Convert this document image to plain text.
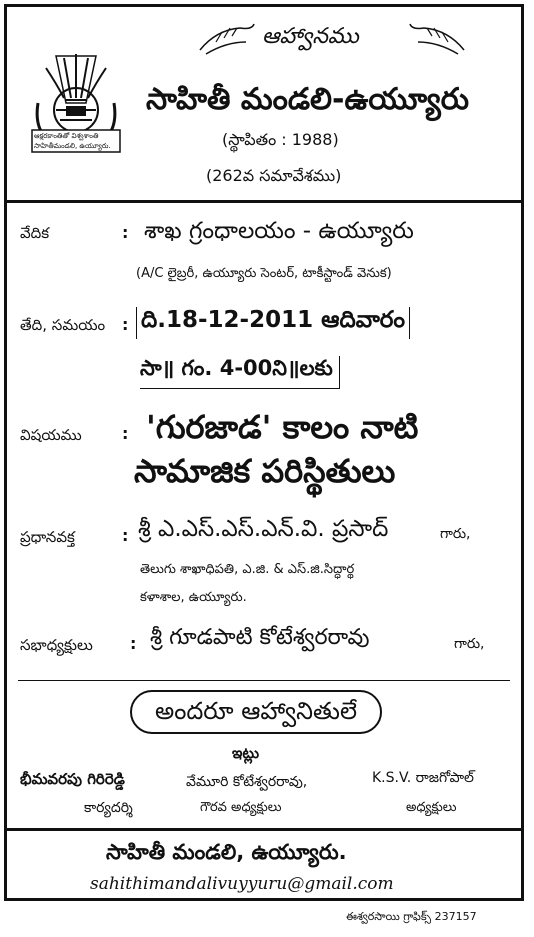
ఆక్షరకాంతితో విశ్వశాంతి
సాహితీమండలి, ఉయ్యూరు.
ఆహ్వానము
సాహితీ మండలి-ఉయ్యూరు
(స్థాపితం : 1988)
(262వ సమావేశము)
వేదిక	: శాఖ గ్రంధాలయం - ఉయ్యూరు
(A/C లైబ్రరీ, ఉయ్యూరు సెంటర్, టాకీస్టాండ్ వెనుక)
తేది, సమయం : ది.18-12-2011 ఆదివారం
సా॥ గం. 4-00ని॥లకు
విషయము	: 'గురజాడ' కాలం నాటి
సామాజిక పరిస్థితులు
ప్రధానవక్త	: శ్రీ ఎ.ఎస్.ఎస్.ఎన్.వి. ప్రసాద్	గారు,
తెలుగు శాఖాధిపతి, ఎ.జి. & ఎస్.జి.సిద్ధార్థ
కళాశాల, ఉయ్యూరు.
సభాధ్యక్షులు : శ్రీ గూడపాటి కోటేశ్వరరావు	గారు,
అందరూ ఆహ్వానితులే
ఇట్లు
భీమవరపు గిరిరెడ్డి
కార్యదర్శి
వేమూరి కోటేశ్వరరావు,
గౌరవ అధ్యక్షులు
K.S.V. రాజగోపాల్
అధ్యక్షులు
సాహితీ మండలి, ఉయ్యూరు.
sahithimandalivuyyuru@gmail.com
ఈశ్వరసాయి గ్రాఫిక్స్ 237157
